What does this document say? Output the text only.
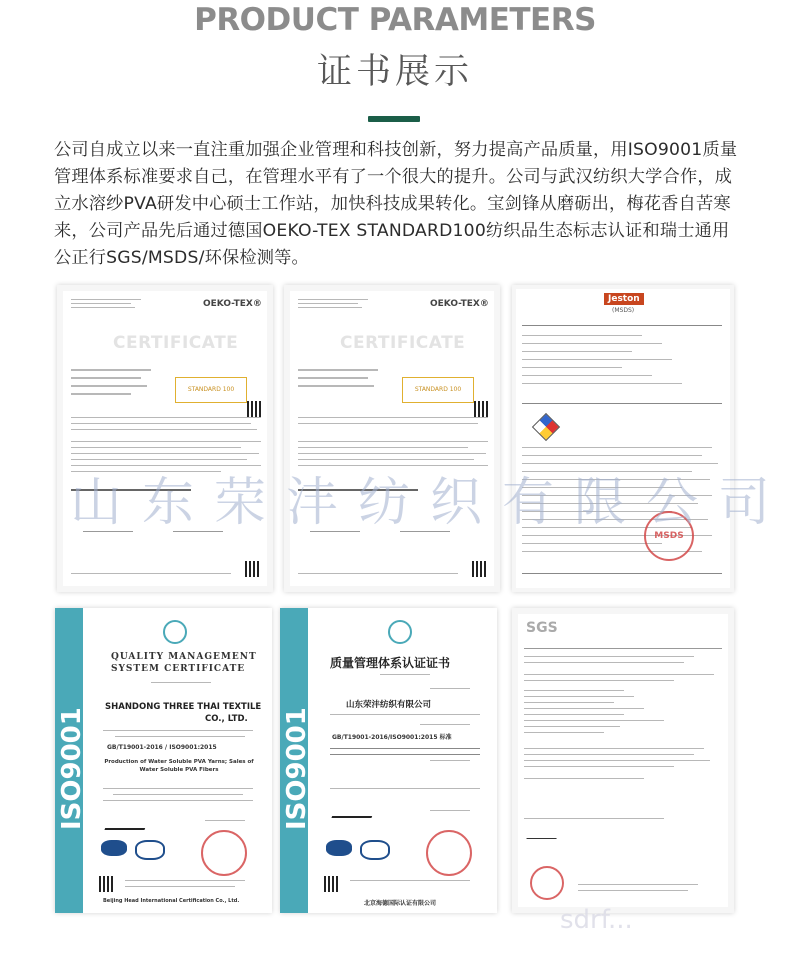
PRODUCT PARAMETERS
证书展示

公司自成立以来一直注重加强企业管理和科技创新，努力提高产品质量，用ISO9001质量管理体系标准要求自己，在管理水平有了一个很大的提升。公司与武汉纺织大学合作，成立水溶纱PVA研发中心硕士工作站，加快科技成果转化。宝剑锋从磨砺出，梅花香自苦寒来，公司产品先后通过德国OEKO-TEX STANDARD100纺织品生态标志认证和瑞士通用公正行SGS/MSDS/环保检测等。

OEKO-TEX®
CERTIFICATE
STANDARD 100
OEKO-TEX®
CERTIFICATE
STANDARD 100
Jeston
(MSDS)
MSDS
ISO9001
QUALITY MANAGEMENT
SYSTEM CERTIFICATE
SHANDONG THREE THAI TEXTILE
CO., LTD.
GB/T19001-2016 / ISO9001:2015
Production of Water Soluble PVA Yarns; Sales of Water Soluble PVA Fibers
Beijing Head International Certification Co., Ltd.
ISO9001
质量管理体系认证证书
山东荣沣纺织有限公司
GB/T19001-2016/ISO9001:2015 标准
北京海德国际认证有限公司
SGS
山东荣沣纺织有限公司
sdrf...
